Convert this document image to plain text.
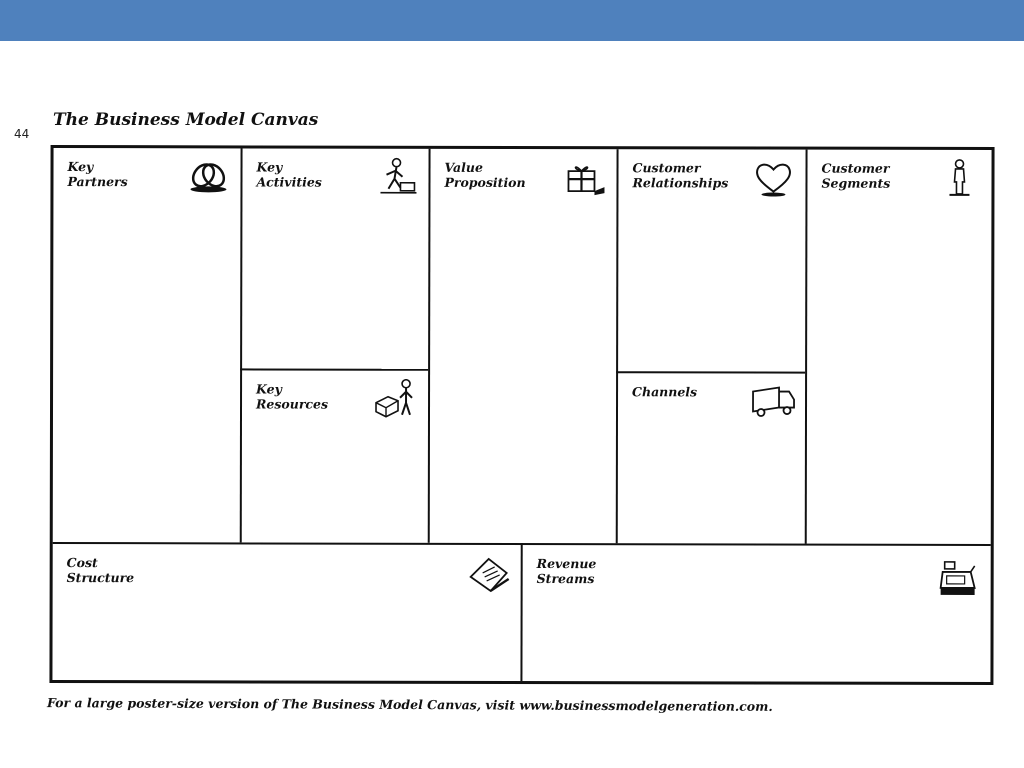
44
The Business Model Canvas
Key
Partners
Key
Activities
Key
Resources
Value
Proposition
Customer
Relationships
Channels
Customer
Segments
Cost
Structure
Revenue
Streams
For a large poster-size version of The Business Model Canvas, visit www.businessmodelgeneration.com.
